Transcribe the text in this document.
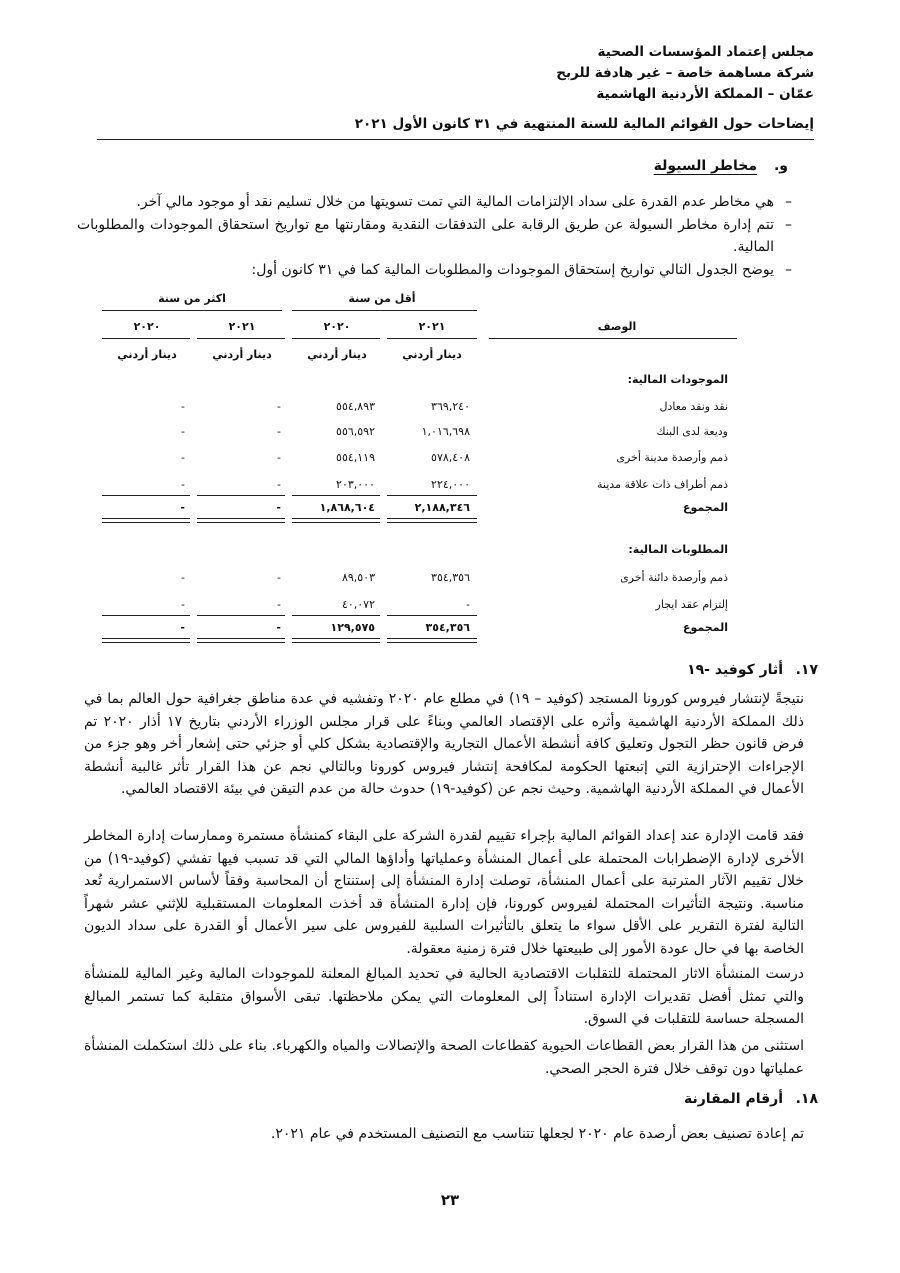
مجلس إعتماد المؤسسات الصحية
شركة مساهمة خاصة – غير هادفة للربح
عمّان – المملكة الأردنية الهاشمية
إيضاحات حول القوائم المالية للسنة المنتهية في ٣١ كانون الأول ٢٠٢١
و.
مخاطر السيولة
– هي مخاطر عدم القدرة على سداد الإلتزامات المالية التي تمت تسويتها من خلال تسليم نقد أو موجود مالي آخر.
– تتم إدارة مخاطر السيولة عن طريق الرقابة على التدفقات النقدية ومقارنتها مع تواريخ استحقاق الموجودات والمطلوبات المالية.
– يوضح الجدول التالي تواريخ إستحقاق الموجودات والمطلوبات المالية كما في ٣١ كانون أول:
أقل من سنة
اكثر من سنة
٢٠٢١
٢٠٢٠
٢٠٢١
٢٠٢٠	الوصف
دينار أردني
دينار أردني
دينار أردني
دينار أردني
الموجودات المالية:
نقد ونقد معادل
٣٦٩,٢٤٠
٥٥٤,٨٩٣
-
-
وديعة لدى البنك
١,٠١٦,٦٩٨
٥٥٦,٥٩٢
-
-
ذمم وأرصدة مدينة أخرى
٥٧٨,٤٠٨
٥٥٤,١١٩
-
-
ذمم أطراف ذات علاقة مدينة
٢٢٤,٠٠٠
٢٠٣,٠٠٠
-
-
المجموع
٢,١٨٨,٣٤٦
١,٨٦٨,٦٠٤
-
-
المطلوبات المالية:
ذمم وأرصدة دائنة أخرى
٣٥٤,٣٥٦
٨٩,٥٠٣
-
-
إلتزام عقد ايجار
-
٤٠,٠٧٢
-
-
المجموع
٣٥٤,٣٥٦
١٢٩,٥٧٥
-
-
١٧.
أثار كوفيد -١٩
نتيجةً لإنتشار فيروس كورونا المستجد (كوفيد – ١٩) في مطلع عام ٢٠٢٠ وتفشيه في عدة مناطق جغرافية حول العالم بما في ذلك المملكة الأردنية الهاشمية وأثره على الإقتصاد العالمي وبناءً على قرار مجلس الوزراء الأردني بتاريخ ١٧ أذار ٢٠٢٠ تم فرض قانون حظر التجول وتعليق كافة أنشطة الأعمال التجارية والإقتصادية بشكل كلي أو جزئي حتى إشعار أخر وهو جزء من الإجراءات الإحترازية التي إتبعتها الحكومة لمكافحة إنتشار فيروس كورونا وبالتالي نجم عن هذا القرار تأثر غالبية أنشطة الأعمال في المملكة الأردنية الهاشمية. وحيث نجم عن (كوفيد-١٩) حدوث حالة من عدم التيقن في بيئة الاقتصاد العالمي.
فقد قامت الإدارة عند إعداد القوائم المالية بإجراء تقييم لقدرة الشركة على البقاء كمنشأة مستمرة وممارسات إدارة المخاطر الأخرى لإدارة الإضطرابات المحتملة على أعمال المنشأة وعملياتها وأداؤها المالي التي قد تسبب فيها تفشي (كوفيد-١٩) من خلال تقييم الآثار المترتبة على أعمال المنشأة، توصلت إدارة المنشأة إلى إستنتاج أن المحاسبة وفقاً لأساس الاستمرارية تُعد مناسبة. ونتيجة التأثيرات المحتملة لفيروس كورونا، فإن إدارة المنشأة قد أخذت المعلومات المستقبلية للإثني عشر شهراً التالية لفترة التقرير على الأقل سواء ما يتعلق بالتأثيرات السلبية للفيروس على سير الأعمال أو القدرة على سداد الديون الخاصة بها في حال عودة الأمور إلى طبيعتها خلال فترة زمنية معقولة.
درست المنشأة الاثار المحتملة للتقلبات الاقتصادية الحالية في تحديد المبالغ المعلنة للموجودات المالية وغير المالية للمنشأة والتي تمثل أفضل تقديرات الإدارة استناداً إلى المعلومات التي يمكن ملاحظتها. تبقى الأسواق متقلبة كما تستمر المبالغ المسجلة حساسة للتقلبات في السوق.
استثنى من هذا القرار بعض القطاعات الحيوية كقطاعات الصحة والإتصالات والمياه والكهرباء. بناء على ذلك استكملت المنشأة عملياتها دون توقف خلال فترة الحجر الصحي.
١٨.
أرقام المقارنة
تم إعادة تصنيف بعض أرصدة عام ٢٠٢٠ لجعلها تتناسب مع التصنيف المستخدم في عام ٢٠٢١.
٢٣
